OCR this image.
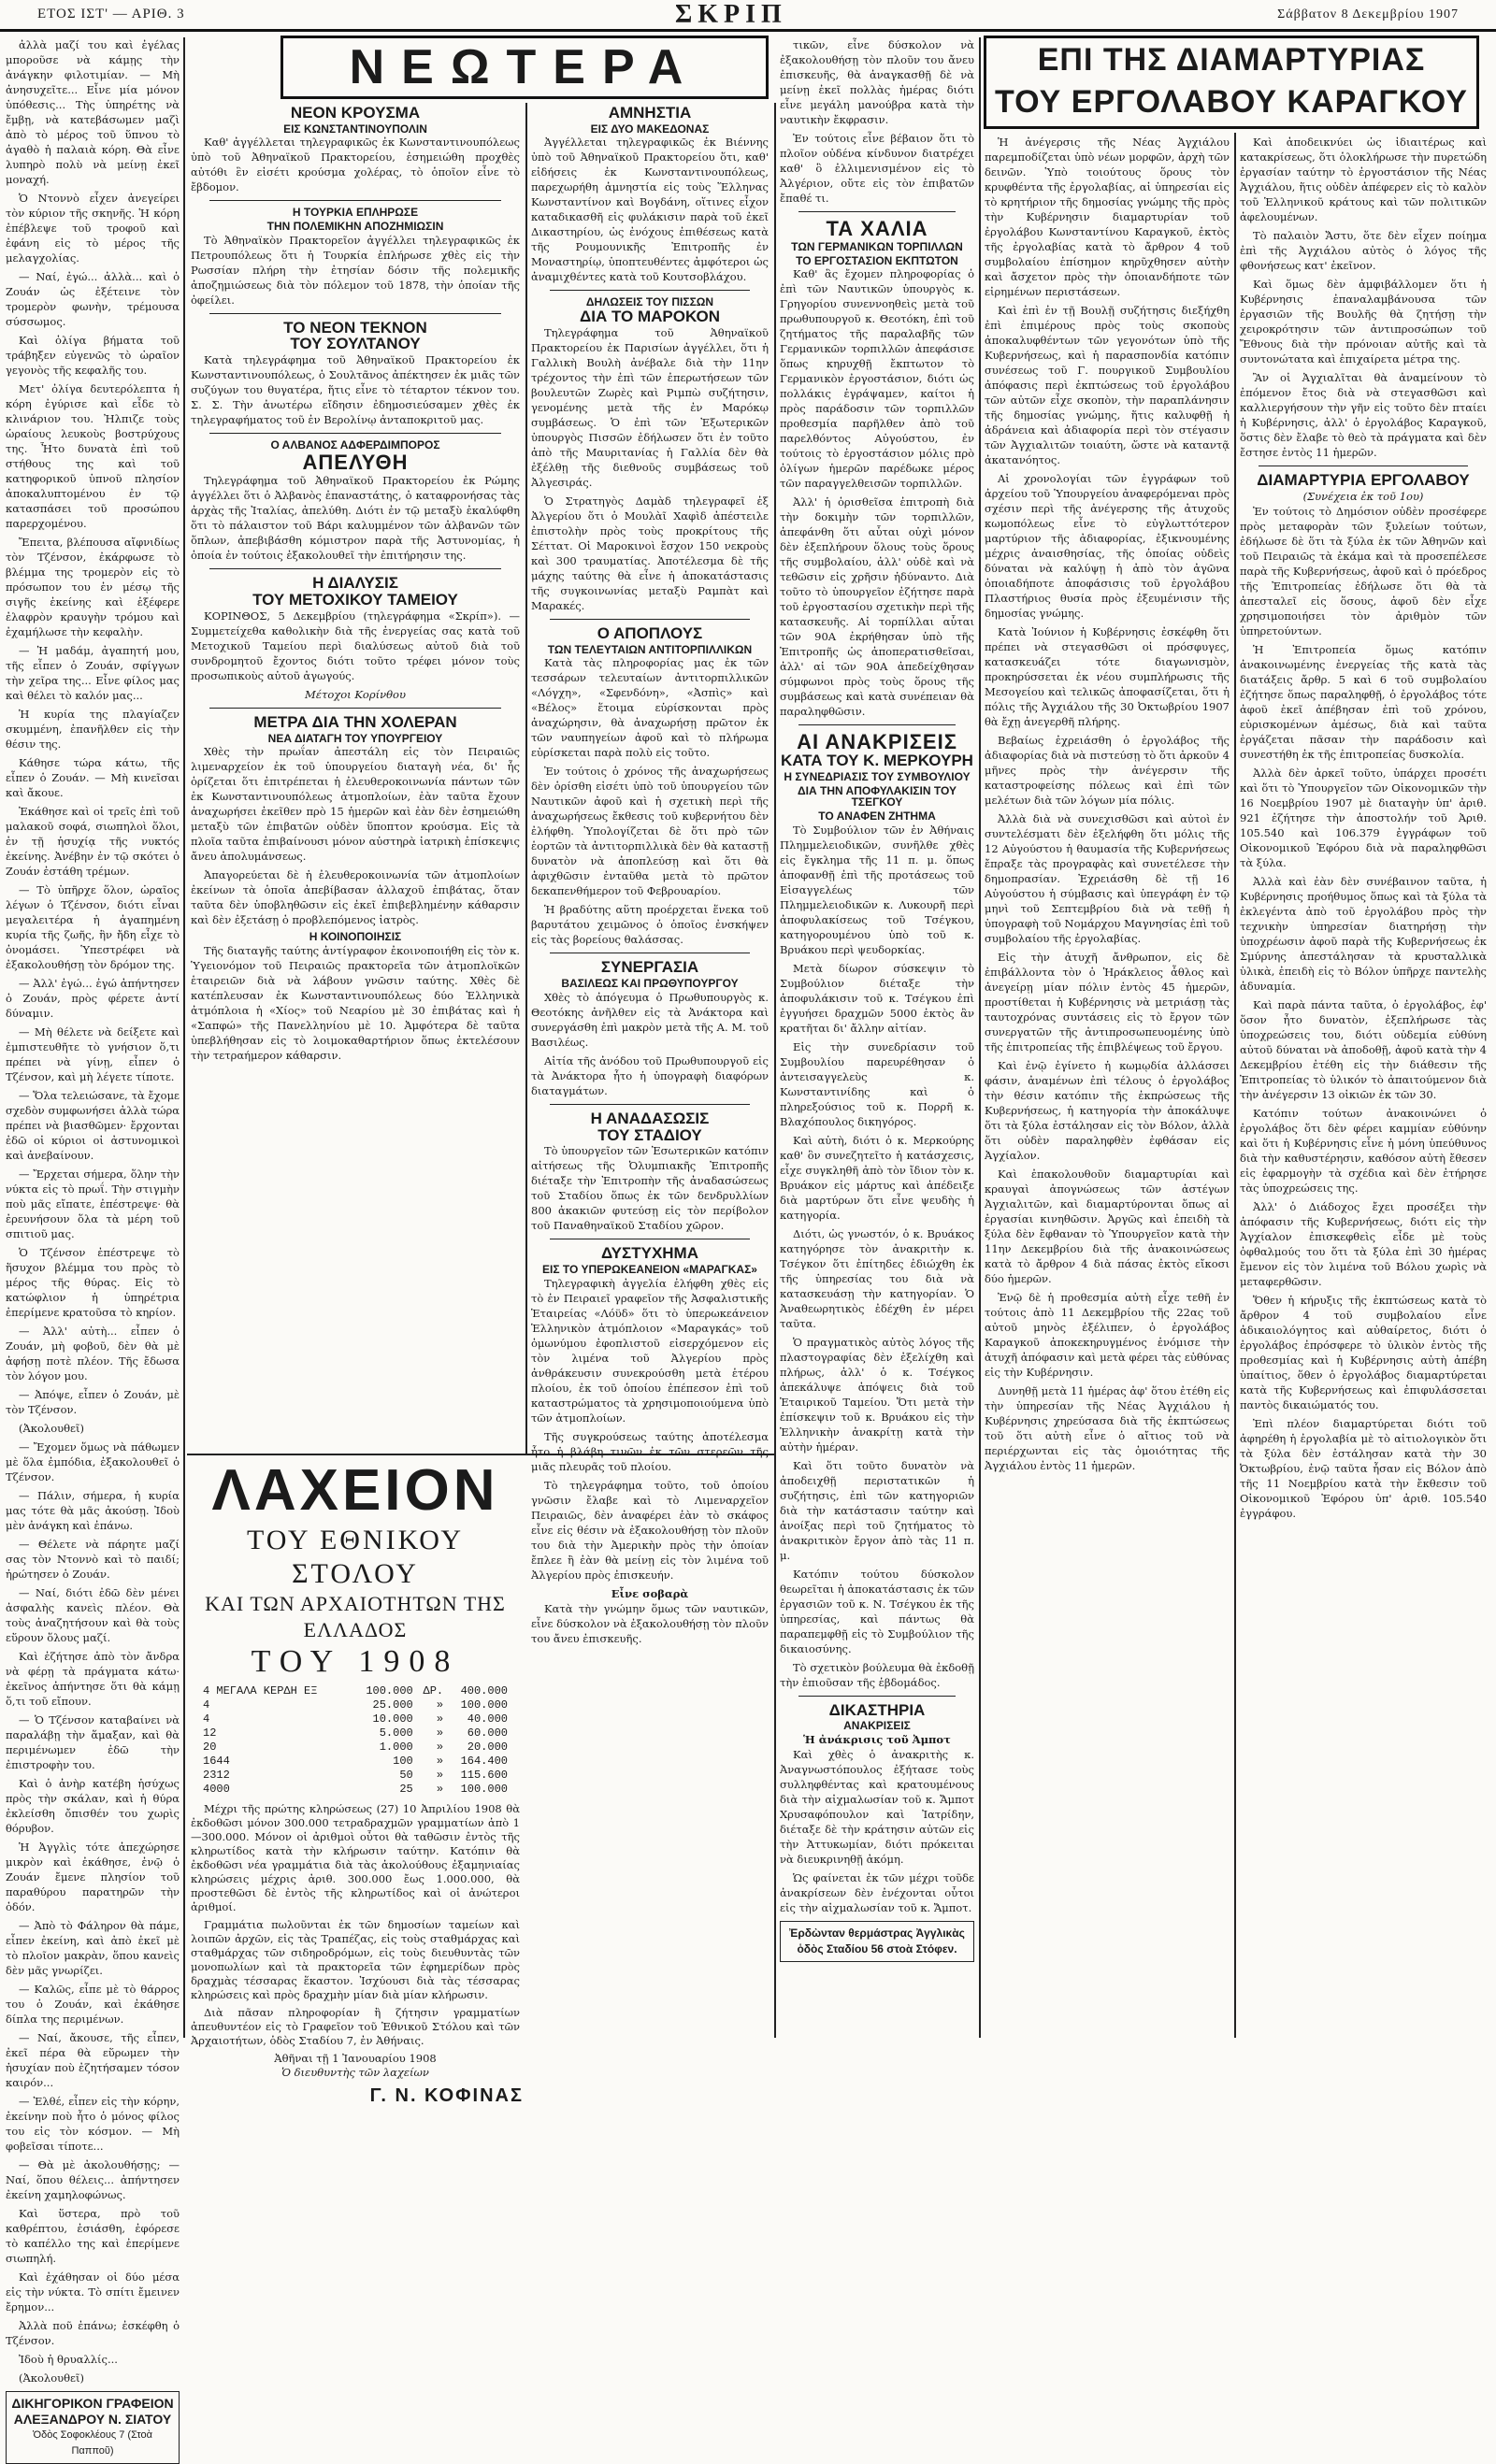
ΕΤΟΣ ΙΣΤ' — ΑΡΙΘ. 3	ΣΚΡΙΠ	Σάββατον 8 Δεκεμβρίου 1907
ΝΕΩΤΕΡΑ	ΕΠΙ ΤΗΣ ΔΙΑΜΑΡΤΥΡΙΑΣ
ΤΟΥ ΕΡΓΟΛΑΒΟΥ ΚΑΡΑΓΚΟΥ

ἀλλὰ μαζί του καὶ ἐγέλας μποροῦσε νὰ κάμῃς τὴν ἀνάγκην φιλοτιμίαν. — Μὴ ἀνησυχεῖτε... Εἶνε μία μόνον ὑπόθεσις... Τὴς ὑπηρέτης νὰ ἔμβῃ, νὰ κατεβάσωμεν μαζὶ ἀπὸ τὸ μέρος τοῦ ὕπνου τὸ ἀγαθὸ ἡ παλαιὰ κόρη. Θὰ εἶνε λυπηρὸ πολὺ νὰ μείνῃ ἐκεῖ μοναχή.

Ὁ Ντοννὸ εἶχεν ἀνεγείρει τὸν κύριον τῆς σκηνῆς. Ἡ κόρη ἐπέβλεψε τοῦ τροφοῦ καὶ ἐφάνη εἰς τὸ μέρος τῆς μελαγχολίας.

— Ναί, ἐγώ... ἀλλὰ... καὶ ὁ Ζουάν ὡς ἐξέτεινε τὸν τρομερὸν φωνὴν, τρέμουσα σύσσωμος.

Καὶ ὁλίγα βήματα τοῦ τράβηξεν εὐγενῶς τὸ ὡραῖον γεγονὸς τῆς κεφαλῆς του.

Μετ' ὀλίγα δευτερόλεπτα ἡ κόρη ἐγύρισε καὶ εἶδε τὸ κλινάριον του. Ἠλπιζε τοὺς ὡραίους λευκοὺς βοστρύχους της. Ἦτο δυνατὰ ἐπὶ τοῦ στήθους της καὶ τοῦ κατηφορικοῦ ὑπνοῦ πλησίον ἀποκαλυπτομένου ἐν τῷ κατασπάσει τοῦ προσώπου παρερχομένου.

Ἔπειτα, βλέπουσα αἴφνιδίως τὸν Τζένσον, ἐκάρφωσε τὸ βλέμμα της τρομερὸν εἰς τὸ πρόσωπον του ἐν μέσῳ τῆς σιγῆς ἐκείνης καὶ ἐξέφερε ἐλαφρὸν κραυγὴν τρόμου καὶ ἐχαμήλωσε τὴν κεφαλὴν.

— Ἡ μαδάμ, ἀγαπητή μου, τῆς εἶπεν ὁ Ζουάν, σφίγγων τὴν χεῖρα της... Εἶνε φίλος μας καὶ θέλει τὸ καλόν μας...

Ἡ κυρία της πλαγίαζεν σκυμμένη, ἐπανῆλθεν εἰς τὴν θέσιν της.

Κάθησε τώρα κάτω, τῆς εἶπεν ὁ Ζουάν. — Μὴ κινεῖσαι καὶ ἄκουε.

Ἐκάθησε καὶ οἱ τρεῖς ἐπὶ τοῦ μαλακοῦ σοφά, σιωπηλοὶ ὅλοι, ἐν τῇ ἡσυχίᾳ τῆς νυκτός ἐκείνης. Ἀνέβην ἐν τῷ σκότει ὁ Ζουάν ἐστάθη τρέμων.

— Τὸ ὑπῆρχε ὅλον, ὠραῖος λέγων ὁ Τζένσον, διότι εἶναι μεγαλειτέρα ἡ ἀγαπημένη κυρία τῆς ζωῆς, ἣν ἤδη εἶχε τὸ ὀνομάσει. Ὑπεστρέφει νὰ ἐξακολουθήσῃ τὸν δρόμον της.

— Ἀλλ' ἐγώ... ἐγώ ἀπήντησεν ὁ Ζουάν, πρὸς φέρετε ἀντί δύναμιν.

— Μὴ θέλετε νὰ δείξετε καὶ ἐμπιστευθῆτε τὸ γνήσιον ὅ,τι πρέπει νὰ γίνῃ, εἶπεν ὁ Τζένσον, καὶ μὴ λέγετε τίποτε.

— Ὅλα τελειώσανε, τὰ ἔχομε σχεδὸν συμφωνήσει ἀλλὰ τώρα πρέπει νὰ βιασθῶμεν· ἔρχονται ἐδῶ οἱ κύριοι οἱ ἀστυνομικοὶ καὶ ἀνεβαίνουν.

— Ἔρχεται σήμερα, ὅλην τὴν νύκτα εἰς τὸ πρωΐ. Τὴν στιγμὴν ποὺ μᾶς εἴπατε, ἐπέστρεψε· θὰ ἐρευνήσουν ὅλα τὰ μέρη τοῦ σπιτιοῦ μας.

Ὁ Τζένσον ἐπέστρεψε τὸ ἥσυχον βλέμμα του πρὸς τὸ μέρος τῆς θύρας. Εἰς τὸ κατώφλιον ἡ ὑπηρέτρια ἐπερίμενε κρατοῦσα τὸ κηρίον.

— Ἀλλ' αὐτὴ... εἶπεν ὁ Ζουάν, μὴ φοβοῦ, δὲν θὰ μὲ ἀφήσῃ ποτὲ πλέον. Τῆς ἔδωσα τὸν λόγον μου.

— Ἀπόψε, εἶπεν ὁ Ζουάν, μὲ τὸν Τζένσον.

(Ἀκολουθεῖ)

— Ἔχομεν ὅμως νὰ πάθωμεν μὲ ὅλα ἐμπόδια, ἐξακολουθεῖ ὁ Τζένσον.

— Πάλιν, σήμερα, ἡ κυρία μας τότε θὰ μᾶς ἀκούσῃ. Ἰδοὺ μὲν ἀνάγκη καὶ ἐπάνω.

— Θέλετε νὰ πάρητε μαζί σας τὸν Ντοννὸ καὶ τὸ παιδί; ἠρώτησεν ὁ Ζουάν.

— Ναί, διότι ἐδῶ δὲν μένει ἀσφαλὴς κανεὶς πλέον. Θὰ τοὺς ἀναζητήσουν καὶ θὰ τοὺς εὕρουν ὅλους μαζί.

Καὶ ἐζήτησε ἀπὸ τὸν ἄνδρα νὰ φέρῃ τὰ πράγματα κάτω· ἐκεῖνος ἀπήντησε ὅτι θὰ κάμῃ ὅ,τι τοῦ εἴπουν.

— Ὁ Τζένσον καταβαίνει νὰ παραλάβῃ τὴν ἅμαξαν, καὶ θὰ περιμένωμεν ἐδῶ τὴν ἐπιστροφὴν του.

Καὶ ὁ ἀνὴρ κατέβη ἡσύχως πρὸς τὴν σκάλαν, καὶ ἡ θύρα ἐκλείσθη ὄπισθέν του χωρὶς θόρυβον.

Ἡ Ἀγγλὶς τότε ἀπεχώρησε μικρὸν καὶ ἐκάθησε, ἐνῷ ὁ Ζουάν ἔμενε πλησίον τοῦ παραθύρου παρατηρῶν τὴν ὁδόν.

— Ἀπὸ τὸ Φάληρον θὰ πάμε, εἶπεν ἐκείνη, καὶ ἀπὸ ἐκεῖ μὲ τὸ πλοῖον μακρὰν, ὅπου κανεὶς δὲν μᾶς γνωρίζει.

— Καλῶς, εἶπε μὲ τὸ θάρρος του ὁ Ζουάν, καὶ ἐκάθησε δίπλα της περιμένων.

— Ναί, ἄκουσε, τῆς εἶπεν, ἐκεῖ πέρα θὰ εὕρωμεν τὴν ἡσυχίαν ποὺ ἐζητήσαμεν τόσον καιρόν...

— Ἐλθέ, εἶπεν εἰς τὴν κόρην, ἐκείνην ποὺ ἦτο ὁ μόνος φίλος του εἰς τὸν κόσμον. — Μὴ φοβεῖσαι τίποτε...

— Θὰ μὲ ἀκολουθήσῃς; — Ναί, ὅπου θέλεις... ἀπήντησεν ἐκείνη χαμηλοφώνως.

Καὶ ὕστερα, πρὸ τοῦ καθρέπτου, ἐσιάσθη, ἐφόρεσε τὸ καπέλλο της καὶ ἐπερίμενε σιωπηλή.

Καὶ ἐχάθησαν οἱ δύο μέσα εἰς τὴν νύκτα. Τὸ σπίτι ἔμεινεν ἔρημον...

Ἀλλὰ ποῦ ἐπάνω; ἐσκέφθη ὁ Τζένσον.

Ἰδοὺ ἡ θρυαλλίς...

(Ἀκολουθεῖ)

ΔΙΚΗΓΟΡΙΚΟΝ ΓΡΑΦΕΙΟΝ
ΑΛΕΞΑΝΔΡΟΥ Ν. ΣΙΑΤΟΥ
Ὁδὸς Σοφοκλέους 7 (Στοὰ Παπποῦ)
ΝΕΟΝ ΚΡΟΥΣΜΑ
ΕΙΣ ΚΩΝΣΤΑΝΤΙΝΟΥΠΟΛΙΝ

Καθ' ἀγγέλλεται τηλεγραφικῶς ἐκ Κωνσταντινουπόλεως ὑπὸ τοῦ Ἀθηναϊκοῦ Πρακτορείου, ἐσημειώθη προχθὲς αὐτόθι ἓν εἰσέτι κρούσμα χολέρας, τὸ ὁποῖον εἶνε τὸ ἔβδομον.

Η ΤΟΥΡΚΙΑ ΕΠΛΗΡΩΣΕ
ΤΗΝ ΠΟΛΕΜΙΚΗΝ ΑΠΟΖΗΜΙΩΣΙΝ

Τὸ Ἀθηναϊκὸν Πρακτορεῖον ἀγγέλλει τηλεγραφικῶς ἐκ Πετρουπόλεως ὅτι ἡ Τουρκία ἐπλήρωσε χθὲς εἰς τὴν Ρωσσίαν πλήρη τὴν ἐτησίαν δόσιν τῆς πολεμικῆς ἀποζημιώσεως διὰ τὸν πόλεμον τοῦ 1878, τὴν ὁποίαν τῆς ὀφείλει.

ΤΟ ΝΕΟΝ ΤΕΚΝΟΝ
ΤΟΥ ΣΟΥΛΤΑΝΟΥ

Κατὰ τηλεγράφημα τοῦ Ἀθηναϊκοῦ Πρακτορείου ἐκ Κωνσταντινουπόλεως, ὁ Σουλτᾶνος ἀπέκτησεν ἐκ μιᾶς τῶν συζύγων του θυγατέρα, ἥτις εἶνε τὸ τέταρτον τέκνον του. Σ. Σ. Τὴν ἀνωτέρω εἴδησιν ἐδημοσιεύσαμεν χθὲς ἐκ τηλεγραφήματος τοῦ ἐν Βερολίνῳ ἀνταποκριτοῦ μας.

Ο ΑΛΒΑΝΟΣ ΑΔΦΕΡΔΙΜΠΟΡΟΣ
ΑΠΕΛΥΘΗ

Τηλεγράφημα τοῦ Ἀθηναϊκοῦ Πρακτορείου ἐκ Ρώμης ἀγγέλλει ὅτι ὁ Ἀλβανὸς ἐπαναστάτης, ὁ καταφρονήσας τὰς ἀρχὰς τῆς Ἰταλίας, ἀπελύθη. Διότι ἐν τῷ μεταξὺ ἐκαλύφθη ὅτι τὸ πάλαιστον τοῦ Βάρι καλυμμένον τῶν ἀλβανῶν τῶν ὅπλων, ἀπεβιβάσθη κόμιστρον παρὰ τῆς Ἀστυνομίας, ἡ ὁποία ἐν τούτοις ἐξακολουθεῖ τὴν ἐπιτήρησιν της.

Η ΔΙΑΛΥΣΙΣ
ΤΟΥ ΜΕΤΟΧΙΚΟΥ ΤΑΜΕΙΟΥ

ΚΟΡΙΝΘΟΣ, 5 Δεκεμβρίου (τηλεγράφημα «Σκρίπ»). — Συμμετείχεθα καθολικὴν διὰ τῆς ἐνεργείας σας κατὰ τοῦ Μετοχικοῦ Ταμείου περὶ διαλύσεως αὐτοῦ διὰ τοῦ συνδρομητοῦ ἔχοντος διότι τοῦτο τρέφει μόνον τοὺς προσωπικοὺς αὐτοῦ ἀγωγούς.

Μέτοχοι Κορίνθου
ΜΕΤΡΑ ΔΙΑ ΤΗΝ ΧΟΛΕΡΑΝ
ΝΕΑ ΔΙΑΤΑΓΗ ΤΟΥ ΥΠΟΥΡΓΕΙΟΥ

Χθὲς τὴν πρωΐαν ἀπεστάλη εἰς τὸν Πειραιῶς λιμεναρχείον ἐκ τοῦ ὑπουργείου διαταγὴ νέα, δι' ἧς ὁρίζεται ὅτι ἐπιτρέπεται ἡ ἐλευθεροκοινωνία πάντων τῶν ἐκ Κωνσταντινουπόλεως ἀτμοπλοίων, ἐὰν ταῦτα ἔχουν ἀναχωρήσει ἐκεῖθεν πρὸ 15 ἡμερῶν καὶ ἐὰν δὲν ἐσημειώθη μεταξὺ τῶν ἐπιβατῶν οὐδὲν ὕποπτον κρούσμα. Εἰς τὰ πλοῖα ταῦτα ἐπιβαίνουσι μόνον αὐστηρὰ ἰατρικὴ ἐπίσκεψις ἄνευ ἀπολυμάνσεως.

Ἀπαγορεύεται δὲ ἡ ἐλευθεροκοινωνία τῶν ἀτμοπλοίων ἐκείνων τὰ ὁποῖα ἀπεβίβασαν ἀλλαχοῦ ἐπιβάτας, ὅταν ταῦτα δὲν ὑποβληθῶσιν εἰς ἐκεῖ ἐπιβεβλημένην κάθαρσιν καὶ δὲν ἐξετάσῃ ὁ προβλεπόμενος ἰατρὸς.

Η ΚΟΙΝΟΠΟΙΗΣΙΣ

Τῆς διαταγῆς ταύτης ἀντίγραφον ἐκοινοποιήθη εἰς τὸν κ. Ὑγειονόμον τοῦ Πειραιῶς πρακτορεῖα τῶν ἀτμοπλοϊκῶν ἑταιρειῶν διὰ νὰ λάβουν γνῶσιν ταύτης. Χθὲς δὲ κατέπλευσαν ἐκ Κωνσταντινουπόλεως δύο Ἑλληνικὰ ἀτμόπλοια ἡ «Χίος» τοῦ Νεαρίου μὲ 30 ἐπιβάτας καὶ ἡ «Σαπφώ» τῆς Πανελληνίου μὲ 10. Ἀμφότερα δὲ ταῦτα ὑπεβλήθησαν εἰς τὸ λοιμοκαθαρτήριον ὅπως ἐκτελέσουν τὴν τετραήμερον κάθαρσιν.

ΑΜΝΗΣΤΙΑ
ΕΙΣ ΔΥΟ ΜΑΚΕΔΟΝΑΣ

Ἀγγέλλεται τηλεγραφικῶς ἐκ Βιέννης ὑπὸ τοῦ Ἀθηναϊκοῦ Πρακτορείου ὅτι, καθ' εἰδήσεις ἐκ Κωνσταντινουπόλεως, παρεχωρήθη ἀμνηστία εἰς τοὺς Ἕλληνας Κωνσταντίνον καὶ Βογδάνη, οἵτινες εἶχον καταδικασθῆ εἰς φυλάκισιν παρὰ τοῦ ἐκεῖ Δικαστηρίου, ὡς ἐνόχους ἐπιθέσεως κατὰ τῆς Ρουμουνικῆς Ἐπιτροπῆς ἐν Μοναστηρίῳ, ὑποπτευθέντες ἀμφότεροι ὡς ἀναμιχθέντες κατὰ τοῦ Κουτσοβλάχου.

ΔΗΛΩΣΕΙΣ ΤΟΥ ΠΙΣΣΩΝ
ΔΙΑ ΤΟ ΜΑΡΟΚΟΝ

Τηλεγράφημα τοῦ Ἀθηναϊκοῦ Πρακτορείου ἐκ Παρισίων ἀγγέλλει, ὅτι ἡ Γαλλικὴ Βουλὴ ἀνέβαλε διὰ τὴν 11ην τρέχοντος τὴν ἐπὶ τῶν ἐπερωτήσεων τῶν βουλευτῶν Ζωρὲς καὶ Ριμπὼ συζήτησιν, γενομένης μετὰ τῆς ἐν Μαρόκῳ συμβάσεως. Ὁ ἐπὶ τῶν Ἐξωτερικῶν ὑπουργὸς Πισσῶν ἐδήλωσεν ὅτι ἐν τοῦτο ἀπὸ τῆς Μαυριτανίας ἡ Γαλλία δὲν θὰ ἐξέλθῃ τῆς διεθνοῦς συμβάσεως τοῦ Ἀλγεσιράς.

Ὁ Στρατηγὸς Δαμὰδ τηλεγραφεῖ ἐξ Ἀλγερίου ὅτι ὁ Μουλὰῖ Χαφὶδ ἀπέστειλε ἐπιστολὴν πρὸς τοὺς προκρίτους τῆς Σέττατ. Οἱ Μαροκινοὶ ἔσχον 150 νεκροὺς καὶ 300 τραυματίας. Ἀποτέλεσμα δὲ τῆς μάχης ταύτης θὰ εἶνε ἡ ἀποκατάστασις τῆς συγκοινωνίας μεταξὺ Ραμπὰτ καὶ Μαρακές.

Ο ΑΠΟΠΛΟΥΣ
ΤΩΝ ΤΕΛΕΥΤΑΙΩΝ ΑΝΤΙΤΟΡΠΙΛΛΙΚΩΝ

Κατὰ τὰς πληροφορίας μας ἐκ τῶν τεσσάρων τελευταίων ἀντιτορπιλλικῶν «Λόγχη», «Σφενδόνη», «Ἀσπὶς» καὶ «Βέλος» ἕτοιμα εὑρίσκονται πρὸς ἀναχώρησιν, θὰ ἀναχωρήσῃ πρῶτον ἐκ τῶν ναυπηγείων ἀφοῦ καὶ τὸ πλήρωμα εὑρίσκεται παρὰ πολὺ εἰς τοῦτο.

Ἐν τούτοις ὁ χρόνος τῆς ἀναχωρήσεως δὲν ὁρίσθη εἰσέτι ὑπὸ τοῦ ὑπουργείου τῶν Ναυτικῶν ἀφοῦ καὶ ἡ σχετικὴ περὶ τῆς ἀναχωρήσεως ἔκθεσις τοῦ κυβερνήτου δὲν ἐλήφθη. Ὑπολογίζεται δὲ ὅτι πρὸ τῶν ἑορτῶν τὰ ἀντιτορπιλλικὰ δὲν θὰ καταστῇ δυνατὸν νὰ ἀποπλεύσῃ καὶ ὅτι θὰ ἀφιχθῶσιν ἐνταῦθα μετὰ τὸ πρῶτον δεκαπενθήμερον τοῦ Φεβρουαρίου.

Ἡ βραδύτης αὕτη προέρχεται ἕνεκα τοῦ βαρυτάτου χειμῶνος ὁ ὁποῖος ἐνσκήψεν εἰς τὰς βορείους θαλάσσας.

ΣΥΝΕΡΓΑΣΙΑ
ΒΑΣΙΛΕΩΣ ΚΑΙ ΠΡΩΘΥΠΟΥΡΓΟΥ

Χθὲς τὸ ἀπόγευμα ὁ Πρωθυπουργὸς κ. Θεοτόκης ἀνῆλθεν εἰς τὰ Ἀνάκτορα καὶ συνεργάσθη ἐπὶ μακρὸν μετὰ τῆς Α. Μ. τοῦ Βασιλέως.

Αἰτία τῆς ἀνόδου τοῦ Πρωθυπουργοῦ εἰς τὰ Ἀνάκτορα ἦτο ἡ ὑπογραφὴ διαφόρων διαταγμάτων.

Η ΑΝΑΔΑΣΩΣΙΣ
ΤΟΥ ΣΤΑΔΙΟΥ

Τὸ ὑπουργεῖον τῶν Ἐσωτερικῶν κατόπιν αἰτήσεως τῆς Ὀλυμπιακῆς Ἐπιτροπῆς διέταξε τὴν Ἐπιτροπὴν τῆς ἀναδασώσεως τοῦ Σταδίου ὅπως ἐκ τῶν δενδρυλλίων 800 ἀκακιῶν φυτεύσῃ εἰς τὸν περίβολον τοῦ Παναθηναϊκοῦ Σταδίου χῶρον.

ΔΥΣΤΥΧΗΜΑ
ΕΙΣ ΤΟ ΥΠΕΡΩΚΕΑΝΕΙΟΝ «ΜΑΡΑΓΚΑΣ»

Τηλεγραφικὴ ἀγγελία ἐλήφθη χθὲς εἰς τὸ ἐν Πειραιεῖ γραφεῖον τῆς Ἀσφαλιστικῆς Ἑταιρείας «Λόϋδ» ὅτι τὸ ὑπερωκεάνειον Ἑλληνικὸν ἀτμόπλοιον «Μαραγκάς» τοῦ ὁμωνύμου ἐφοπλιστοῦ εἰσερχόμενον εἰς τὸν λιμένα τοῦ Ἀλγερίου πρὸς ἀνθράκευσιν συνεκρούσθη μετὰ ἑτέρου πλοίου, ἐκ τοῦ ὁποίου ἐπέπεσον ἐπὶ τοῦ καταστρώματος τὰ χρησιμοποιούμενα ὑπὸ τῶν ἀτμοπλοίων.

Τῆς συγκρούσεως ταύτης ἀποτέλεσμα ἦτο ἡ βλάβη τινῶν ἐκ τῶν στερεῶν τῆς μιᾶς πλευρᾶς τοῦ πλοίου.

Τὸ τηλεγράφημα τοῦτο, τοῦ ὁποίου γνῶσιν ἔλαβε καὶ τὸ Λιμεναρχεῖον Πειραιῶς, δὲν ἀναφέρει ἐὰν τὸ σκάφος εἶνε εἰς θέσιν νὰ ἐξακολουθήσῃ τὸν πλοῦν του διὰ τὴν Ἀμερικὴν πρὸς τὴν ὁποίαν ἔπλεε ἢ ἐὰν θὰ μείνῃ εἰς τὸν λιμένα τοῦ Ἀλγερίου πρὸς ἐπισκευήν.

Εἶνε σοβαρὰ

Κατὰ τὴν γνώμην ὅμως τῶν ναυτικῶν, εἶνε δύσκολον νὰ ἐξακολουθήσῃ τὸν πλοῦν του ἄνευ ἐπισκευῆς.

τικῶν, εἶνε δύσκολον νὰ ἐξακολουθήσῃ τὸν πλοῦν του ἄνευ ἐπισκευῆς, θὰ ἀναγκασθῇ δὲ νὰ μείνῃ ἐκεῖ πολλὰς ἡμέρας διότι εἶνε μεγάλη μανούβρα κατὰ τὴν ναυτικὴν ἔκφρασιν.

Ἐν τούτοις εἶνε βέβαιον ὅτι τὸ πλοῖον οὐδένα κίνδυνον διατρέχει καθ' ὃ ἐλλιμενισμένον εἰς τὸ Ἀλγέριον, οὔτε εἰς τὸν ἐπιβατῶν ἔπαθέ τι.

ΤΑ ΧΑΛΙΑ
ΤΩΝ ΓΕΡΜΑΝΙΚΩΝ ΤΟΡΠΙΛΛΩΝ
ΤΟ ΕΡΓΟΣΤΑΣΙΟΝ ΕΚΠΤΩΤΟΝ

Καθ' ἃς ἔχομεν πληροφορίας ὁ ἐπὶ τῶν Ναυτικῶν ὑπουργὸς κ. Γρηγορίου συνεννοηθεὶς μετὰ τοῦ πρωθυπουργοῦ κ. Θεοτόκη, ἐπὶ τοῦ ζητήματος τῆς παραλαβῆς τῶν Γερμανικῶν τορπιλλῶν ἀπεφάσισε ὅπως κηρυχθῇ ἔκπτωτον τὸ Γερμανικὸν ἐργοστάσιον, διότι ὡς πολλάκις ἐγράψαμεν, καίτοι ἡ πρὸς παράδοσιν τῶν τορπιλλῶν προθεσμία παρῆλθεν ἀπὸ τοῦ παρελθόντος Αὐγούστου, ἐν τούτοις τὸ ἐργοστάσιον μόλις πρὸ ὀλίγων ἡμερῶν παρέδωκε μέρος τῶν παραγγελθεισῶν τορπιλλῶν.

Ἀλλ' ἡ ὁρισθεῖσα ἐπιτροπὴ διὰ τὴν δοκιμὴν τῶν τορπιλλῶν, ἀπεφάνθη ὅτι αὗται οὐχὶ μόνον δὲν ἐξεπλήρουν ὅλους τοὺς ὅρους τῆς συμβολαίου, ἀλλ' οὐδὲ καὶ νὰ τεθῶσιν εἰς χρῆσιν ἠδύναντο. Διὰ τοῦτο τὸ ὑπουργεῖον ἐζήτησε παρὰ τοῦ ἐργοστασίου σχετικὴν περὶ τῆς κατασκευῆς. Αἱ τορπίλλαι αὗται τῶν 90Α ἐκρήθησαν ὑπὸ τῆς Ἐπιτροπῆς ὡς ἀποπερατισθεῖσαι, ἀλλ' αἱ τῶν 90Α ἀπεδείχθησαν σύμφωνοι πρὸς τοὺς ὅρους τῆς συμβάσεως καὶ κατὰ συνέπειαν θὰ παραληφθῶσιν.

ΑΙ ΑΝΑΚΡΙΣΕΙΣ
ΚΑΤΑ ΤΟΥ Κ. ΜΕΡΚΟΥΡΗ
Η ΣΥΝΕΔΡΙΑΣΙΣ ΤΟΥ ΣΥΜΒΟΥΛΙΟΥ
ΔΙΑ ΤΗΝ ΑΠΟΦΥΛΑΚΙΣΙΝ ΤΟΥ ΤΣΕΓΚΟΥ
ΤΟ ΑΝΑΦΕΝ ΖΗΤΗΜΑ

Τὸ Συμβούλιον τῶν ἐν Ἀθήναις Πλημμελειοδικῶν, συνῆλθε χθὲς εἰς ἔγκλημα τῆς 11 π. μ. ὅπως ἀποφανθῇ ἐπὶ τῆς προτάσεως τοῦ Εἰσαγγελέως τῶν Πλημμελειοδικῶν κ. Λυκουρῆ περὶ ἀποφυλακίσεως τοῦ Τσέγκου, κατηγορουμένου ὑπὸ τοῦ κ. Βρυάκου περὶ ψευδορκίας.

Μετὰ δίωρον σύσκεψιν τὸ Συμβούλιον διέταξε τὴν ἀποφυλάκισιν τοῦ κ. Τσέγκου ἐπὶ ἐγγυήσει δραχμῶν 5000 ἐκτὸς ἂν κρατῆται δι' ἄλλην αἰτίαν.

Εἰς τὴν συνεδρίασιν τοῦ Συμβουλίου παρευρέθησαν ὁ ἀντεισαγγελεὺς κ. Κωνσταντινίδης καὶ ὁ πληρεξούσιος τοῦ κ. Πορρῆ κ. Βλαχόπουλος δικηγόρος.

Καὶ αὐτὴ, διότι ὁ κ. Μερκούρης καθ' ὃν συνεζητεῖτο ἡ κατάσχεσις, εἶχε συγκληθῆ ἀπὸ τὸν ἴδιον τὸν κ. Βρυάκον εἰς μάρτυς καὶ ἀπέδειξε διὰ μαρτύρων ὅτι εἶνε ψευδὴς ἡ κατηγορία.

Διότι, ὡς γνωστόν, ὁ κ. Βρυάκος κατηγόρησε τὸν ἀνακριτὴν κ. Τσέγκον ὅτι ἐπίτηδες ἐδιώχθη ἐκ τῆς ὑπηρεσίας του διὰ νὰ κατασκευάσῃ τὴν κατηγορίαν. Ὁ Ἀναθεωρητικὸς ἐδέχθη ἐν μέρει ταῦτα.

Ὁ πραγματικὸς αὐτὸς λόγος τῆς πλαστογραφίας δὲν ἐξελίχθη καὶ πλήρως, ἀλλ' ὁ κ. Τσέγκος ἀπεκάλυψε ἀπόψεις διὰ τοῦ Ἑταιρικοῦ Ταμείου. Ὅτι μετὰ τὴν ἐπίσκεψιν τοῦ κ. Βρυάκου εἰς τὴν Ἑλληνικὴν ἀνακρίτῃ κατὰ τὴν αὐτὴν ἡμέραν.

Καὶ ὅτι τοῦτο δυνατὸν νὰ ἀποδειχθῇ περιστατικῶν ἡ συζήτησις, ἐπὶ τῶν κατηγοριῶν διὰ τὴν κατάστασιν ταύτην καὶ ἀνοίξας περὶ τοῦ ζητήματος τὸ ἀνακριτικὸν ἔργον ἀπὸ τὰς 11 π. μ.

Κατόπιν τούτου δύσκολον θεωρεῖται ἡ ἀποκατάστασις ἐκ τῶν ἐργασιῶν τοῦ κ. Ν. Τσέγκου ἐκ τῆς ὑπηρεσίας, καὶ πάντως θὰ παραπεμφθῇ εἰς τὸ Συμβούλιον τῆς δικαιοσύνης.

Τὸ σχετικὸν βούλευμα θὰ ἐκδοθῇ τὴν ἐπιοῦσαν τῆς ἑβδομάδος.

ΔΙΚΑΣΤΗΡΙΑ
ΑΝΑΚΡΙΣΕΙΣ
Ἡ ἀνάκρισις τοῦ Ἀμποτ

Καὶ χθὲς ὁ ἀνακριτὴς κ. Ἀναγνωστόπουλος ἐξήτασε τοὺς συλληφθέντας καὶ κρατουμένους διὰ τὴν αἰχμαλωσίαν τοῦ κ. Ἄμποτ Χρυσαφόπουλον καὶ Ἰατρίδην, διέταξε δὲ τὴν κράτησιν αὐτῶν εἰς τὴν Ἀττυκωμίαν, διότι πρόκειται νὰ διευκρινηθῇ ἀκόμη.

Ὡς φαίνεται ἐκ τῶν μέχρι τοῦδε ἀνακρίσεων δὲν ἐνέχονται οὗτοι εἰς τὴν αἰχμαλωσίαν τοῦ κ. Ἄμποτ.

Ἐρδὼνταν θερμάστρας Ἀγγλικὰς ὁδὸς Σταδίου 56 στοὰ Στόφεν.

Ἡ ἀνέγερσις τῆς Νέας Ἀγχιάλου παρεμποδίζεται ὑπὸ νέων μορφῶν, ἀρχὴ τῶν δεινῶν. Ὑπὸ τοιούτους ὅρους τὸν κρυφθέντα τῆς ἐργολαβίας, αἱ ὑπηρεσίαι εἰς τὸ κρητήριον τῆς δημοσίας γνώμης τῆς πρὸς τὴν Κυβέρνησιν διαμαρτυρίαν τοῦ ἐργολάβου Κωνσταντίνου Καραγκοῦ, ἐκτὸς τῆς ἐργολαβίας κατὰ τὸ ἄρθρον 4 τοῦ συμβολαίου ἐπίσημον κηρῦχθησεν αὐτὴν καὶ ἄσχετον πρὸς τὴν ὁποιανδήποτε τῶν εἰρημένων περιστάσεων.

Καὶ ἐπὶ ἐν τῇ Βουλῇ συζήτησις διεξήχθη ἐπὶ ἐπιμέρους πρὸς τοὺς σκοποὺς ἀποκαλυφθέντων τῶν γεγονότων ὑπὸ τῆς Κυβερνήσεως, καὶ ἡ παρασπονδία κατόπιν συνέσεως τοῦ Γ. πουργικοῦ Συμβουλίου ἀπόφασις περὶ ἐκπτώσεως τοῦ ἐργολάβου τῶν αὐτῶν εἶχε σκοπὸν, τὴν παραπλάνησιν τῆς δημοσίας γνώμης, ἥτις καλυφθῇ ἡ ἀδράνεια καὶ ἀδιαφορία περὶ τὸν στέγασιν τῶν Ἀγχιαλιτῶν τοιαύτη, ὥστε νὰ καταντᾷ ἀκατανόητος.

Αἱ χρονολογίαι τῶν ἐγγράφων τοῦ ἀρχείου τοῦ Ὑπουργείου ἀναφερόμεναι πρὸς σχέσιν περὶ τῆς ἀνέγερσης τῆς ἀτυχοῦς κωμοπόλεως εἶνε τὸ εὐγλωττότερον μαρτύριον τῆς ἀδιαφορίας, ἐξικνουμένης μέχρις ἀναισθησίας, τῆς ὁποίας οὐδεὶς δύναται νὰ καλύψῃ ἡ ἀπὸ τὸν ἀγῶνα ὁποιαδήποτε ἀποφάσισις τοῦ ἐργολάβου Πλαστήριος θυσία πρὸς ἐξευμένισιν τῆς δημοσίας γνώμης.

Κατὰ Ἰούνιον ἡ Κυβέρνησις ἐσκέφθη ὅτι πρέπει νὰ στεγασθῶσι οἱ πρόσφυγες, κατασκευάζει τότε διαγωνισμὸν, προκηρύσσεται ἐκ νέου συμπλήρωσις τῆς Μεσογείου καὶ τελικῶς ἀποφασίζεται, ὅτι ἡ πόλις τῆς Ἀγχιάλου τῆς 30 Ὀκτωβρίου 1907 θὰ ἔχῃ ἀνεγερθῆ πλήρης.

Βεβαίως ἐχρειάσθη ὁ ἐργολάβος τῆς ἀδιαφορίας διὰ νὰ πιστεύσῃ τὸ ὅτι ἀρκοῦν 4 μῆνες πρὸς τὴν ἀνέγερσιν τῆς καταστροφείσης πόλεως καὶ ἐπὶ τῶν μελέτων διὰ τῶν λόγων μία πόλις.

Ἀλλὰ διὰ νὰ συνεχισθῶσι καὶ αὐτοὶ ἐν συντελέσματι δὲν ἐξελήφθη ὅτι μόλις τῆς 12 Αὐγούστου ἡ θαυμασία τῆς Κυβερνήσεως ἔπραξε τὰς προγραφὰς καὶ συνετέλεσε τὴν δημοπρασίαν. Ἐχρειάσθη δὲ τῇ 16 Αὐγούστου ἡ σύμβασις καὶ ὑπεγράφη ἐν τῷ μηνὶ τοῦ Σεπτεμβρίου διὰ νὰ τεθῇ ἡ ὑπογραφὴ τοῦ Νομάρχου Μαγνησίας ἐπὶ τοῦ συμβολαίου τῆς ἐργολαβίας.

Εἰς τὴν ἀτυχῆ ἄνθρωπον, εἰς δὲ ἐπιβάλλοντα τὸν ὁ Ἡράκλειος ἆθλος καὶ ἀνεγείρῃ μίαν πόλιν ἐντὸς 45 ἡμερῶν, προστίθεται ἡ Κυβέρνησις νὰ μετριάσῃ τὰς ταυτοχρόνας συντάσεις εἰς τὸ ἔργον τῶν συνεργατῶν τῆς ἀντιπροσωπευομένης ὑπὸ τῆς ἐπιτροπείας τῆς ἐπιβλέψεως τοῦ ἔργου.

Καὶ ἐνῷ ἐγίνετο ἡ κωμῳδία ἀλλάσσει φάσιν, ἀναμένων ἐπὶ τέλους ὁ ἐργολάβος τὴν θέσιν κατόπιν τῆς ἐκπρώσεως τῆς Κυβερνήσεως, ἡ κατηγορία τὴν ἀποκάλυψε ὅτι τὰ ξύλα ἐστάλησαν εἰς τὸν Βόλον, ἀλλὰ ὅτι οὐδὲν παραληφθὲν ἐφθάσαν εἰς Ἀγχίαλον.

Καὶ ἐπακολουθοῦν διαμαρτυρίαι καὶ κραυγαὶ ἀπογνώσεως τῶν ἀστέγων Ἀγχιαλιτῶν, καὶ διαμαρτύρονται ὅπως αἱ ἐργασίαι κινηθῶσιν. Ἀργῶς καὶ ἐπειδὴ τὰ ξύλα δὲν ἔφθαναν τὸ Ὑπουργεῖον κατὰ τὴν 11ην Δεκεμβρίου διὰ τῆς ἀνακοινώσεως κατὰ τὸ ἄρθρον 4 διὰ πάσας ἐκτὸς εἴκοσι δύο ἡμερῶν.

Ἐνῷ δὲ ἡ προθεσμία αὐτὴ εἶχε τεθῆ ἐν τούτοις ἀπὸ 11 Δεκεμβρίου τῆς 22ας τοῦ αὐτοῦ μηνὸς ἐξέλιπεν, ὁ ἐργολάβος Καραγκοῦ ἀποκεκηρυγμένος ἐνόμισε τὴν ἀτυχῆ ἀπόφασιν καὶ μετὰ φέρει τὰς εὐθύνας εἰς τὴν Κυβέρνησιν.

Δυνηθῇ μετὰ 11 ἡμέρας ἀφ' ὅτου ἐτέθη εἰς τὴν ὑπηρεσίαν τῆς Νέας Ἀγχιάλου ἡ Κυβέρνησις χηρεύσασα διὰ τῆς ἐκπτώσεως τοῦ ὅτι αὐτὴ εἶνε ὁ αἴτιος τοῦ νὰ περιέρχωνται εἰς τὰς ὁμοιότητας τῆς Ἀγχιάλου ἐντὸς 11 ἡμερῶν.

Καὶ ἀποδεικνύει ὡς ἰδιαιτέρως καὶ κατακρίσεως, ὅτι ὁλοκλήρωσε τὴν πυρετώδη ἐργασίαν ταύτην τὸ ἐργοστάσιον τῆς Νέας Ἀγχιάλου, ἥτις οὐδὲν ἀπέφερεν εἰς τὸ καλὸν τοῦ Ἑλληνικοῦ κράτους καὶ τῶν πολιτικῶν ἀφελουμένων.

Τὸ παλαιὸν Ἄστυ, ὅτε δὲν εἶχεν ποίημα ἐπὶ τῆς Ἀγχιάλου αὐτὸς ὁ λόγος τῆς φθονήσεως κατ' ἐκεῖνον.

Καὶ ὅμως δὲν ἀμφιβάλλομεν ὅτι ἡ Κυβέρνησις ἐπαναλαμβάνουσα τῶν ἐργασιῶν τῆς Βουλῆς θὰ ζητήσῃ τὴν χειροκρότησιν τῶν ἀντιπροσώπων τοῦ Ἔθνους διὰ τὴν πρόνοιαν αὐτῆς καὶ τὰ συντονώτατα καὶ ἐπιχαίρετα μέτρα της.

Ἂν οἱ Ἀγχιαλῖται θὰ ἀναμείνουν τὸ ἐπόμενον ἔτος διὰ νὰ στεγασθῶσι καὶ καλλιεργήσουν τὴν γῆν εἰς τοῦτο δὲν πταίει ἡ Κυβέρνησις, ἀλλ' ὁ ἐργολάβος Καραγκοῦ, ὅστις δὲν ἔλαβε τὸ θεὸ τὰ πράγματα καὶ δὲν ἔστησε ἐντὸς 11 ἡμερῶν.

ΔΙΑΜΑΡΤΥΡΙΑ ΕΡΓΟΛΑΒΟΥ
(Συνέχεια ἐκ τοῦ 1ου)

Ἐν τούτοις τὸ Δημόσιον οὐδὲν προσέφερε πρὸς μεταφορὰν τῶν ξυλείων τούτων, ἐδήλωσε δὲ ὅτι τὰ ξύλα ἐκ τῶν Ἀθηνῶν καὶ τοῦ Πειραιῶς τὰ ἐκάμα καὶ τὰ προσεπέλεσε παρὰ τῆς Κυβερνήσεως, ἀφοῦ καὶ ὁ πρόεδρος τῆς Ἐπιτροπείας ἐδήλωσε ὅτι θὰ τὰ ἀπεσταλεῖ εἰς ὅσους, ἀφοῦ δὲν εἶχε χρησιμοποιήσει τὸν ἀριθμὸν τῶν ὑπηρετούντων.

Ἡ Ἐπιτροπεία ὅμως κατόπιν ἀνακοινωμένης ἐνεργείας τῆς κατὰ τὰς διατάξεις ἄρθρ. 5 καὶ 6 τοῦ συμβολαίου ἐζήτησε ὅπως παραληφθῇ, ὁ ἐργολάβος τότε ἀφοῦ ἐκεῖ ἀπέβησαν ἐπὶ τοῦ χρόνου, εὑρισκομένων ἀμέσως, διὰ καὶ ταῦτα ἐργάζεται πᾶσαν τὴν παράδοσιν καὶ συνεστήθη ἐκ τῆς ἐπιτροπείας δυσκολία.

Ἀλλὰ δὲν ἀρκεῖ τοῦτο, ὑπάρχει προσέτι καὶ ὅτι τὸ Ὑπουργεῖον τῶν Οἰκονομικῶν τὴν 16 Νοεμβρίου 1907 μὲ διαταγὴν ὑπ' ἀριθ. 921 ἐζήτησε τὴν ἀποστολήν τοῦ Ἀριθ. 105.540 καὶ 106.379 ἐγγράφων τοῦ Οἰκονομικοῦ Ἐφόρου διὰ νὰ παραληφθῶσι τὰ ξύλα.

Ἀλλὰ καὶ ἐὰν δὲν συνέβαινον ταῦτα, ἡ Κυβέρνησις προήθυμος ὅπως καὶ τὰ ξύλα τὰ ἐκλεγέντα ἀπὸ τοῦ ἐργολάβου πρὸς τὴν τεχνικὴν ὑπηρεσίαν διατηρήσῃ τὴν ὑποχρέωσιν ἀφοῦ παρὰ τῆς Κυβερνήσεως ἐκ Σμύρνης ἀπεστάλησαν τὰ κρυσταλλικὰ ὑλικὰ, ἐπειδὴ εἰς τὸ Βόλον ὑπῆρχε παντελὴς ἀδυναμία.

Καὶ παρὰ πάντα ταῦτα, ὁ ἐργολάβος, ἐφ' ὅσον ἦτο δυνατὸν, ἐξεπλήρωσε τὰς ὑποχρεώσεις του, διότι οὐδεμία εὐθύνη αὐτοῦ δύναται νὰ ἀποδοθῇ, ἀφοῦ κατὰ τὴν 4 Δεκεμβρίου ἐτέθη εἰς τὴν διάθεσιν τῆς Ἐπιτροπείας τὸ ὑλικόν τὸ ἀπαιτούμενον διὰ τὴν ἀνέγερσιν 13 οἰκιῶν ἐκ τῶν 30.

Κατόπιν τούτων ἀνακοινώνει ὁ ἐργολάβος ὅτι δὲν φέρει καμμίαν εὐθύνην καὶ ὅτι ἡ Κυβέρνησις εἶνε ἡ μόνη ὑπεύθυνος διὰ τὴν καθυστέρησιν, καθόσον αὐτὴ ἔθεσεν εἰς ἐφαρμογὴν τὰ σχέδια καὶ δὲν ἐτήρησε τὰς ὑποχρεώσεις της.

Ἀλλ' ὁ Διάδοχος ἔχει προσέξει τὴν ἀπόφασιν τῆς Κυβερνήσεως, διότι εἰς τὴν Ἀγχίαλον ἐπισκεφθεὶς εἶδε μὲ τοὺς ὀφθαλμούς του ὅτι τὰ ξύλα ἐπὶ 30 ἡμέρας ἔμενον εἰς τὸν λιμένα τοῦ Βόλου χωρὶς νὰ μεταφερθῶσιν.

Ὅθεν ἡ κήρυξις τῆς ἐκπτώσεως κατὰ τὸ ἄρθρον 4 τοῦ συμβολαίου εἶνε ἀδικαιολόγητος καὶ αὐθαίρετος, διότι ὁ ἐργολάβος ἐπρόσφερε τὸ ὑλικὸν ἐντὸς τῆς προθεσμίας καὶ ἡ Κυβέρνησις αὐτὴ ἀπέβη ὑπαίτιος, ὅθεν ὁ ἐργολάβος διαμαρτύρεται κατὰ τῆς Κυβερνήσεως καὶ ἐπιφυλάσσεται παντὸς δικαιώματός του.

Ἐπὶ πλέον διαμαρτύρεται διότι τοῦ ἀφηρέθη ἡ ἐργολαβία μὲ τὸ αἰτιολογικὸν ὅτι τὰ ξύλα δὲν ἐστάλησαν κατὰ τὴν 30 Ὀκτωβρίου, ἐνῷ ταῦτα ἦσαν εἰς Βόλον ἀπὸ τῆς 11 Νοεμβρίου κατὰ τὴν ἔκθεσιν τοῦ Οἰκονομικοῦ Ἐφόρου ὑπ' ἀριθ. 105.540 ἐγγράφου.

ΛΑΧΕΙΟΝ
ΤΟΥ ΕΘΝΙΚΟΥ ΣΤΟΛΟΥ
ΚΑΙ ΤΩΝ ΑΡΧΑΙΟΤΗΤΩΝ ΤΗΣ ΕΛΛΑΔΟΣ
ΤΟΥ 1908
4 ΜΕΓΑΛΑ ΚΕΡΔΗ ΕΞ	100.000	ΔΡ.	400.000
4	25.000	»	100.000
4	10.000	»	40.000
12	5.000	»	60.000
20	1.000	»	20.000
1644	100	»	164.400
2312	50	»	115.600
4000	25	»	100.000

Μέχρι τῆς πρώτης κληρώσεως (27) 10 Ἀπριλίου 1908 θὰ ἐκδοθῶσι μόνον 300.000 τετραδραχμῶν γραμματίων ἀπὸ 1—300.000. Μόνον οἱ ἀριθμοὶ οὗτοι θὰ ταθῶσιν ἐντὸς τῆς κληρωτίδος κατὰ τὴν κλήρωσιν ταύτην. Κατόπιν θὰ ἐκδοθῶσι νέα γραμμάτια διὰ τὰς ἀκολούθους ἐξαμηνιαίας κληρώσεις μέχρις ἀριθ. 300.000 ἔως 1.000.000, θὰ προστεθῶσι δὲ ἐντὸς τῆς κληρωτίδος καὶ οἱ ἀνώτεροι ἀριθμοί.

Γραμμάτια πωλοῦνται ἐκ τῶν δημοσίων ταμείων καὶ λοιπῶν ἀρχῶν, εἰς τὰς Τραπέζας, εἰς τοὺς σταθμάρχας καὶ σταθμάρχας τῶν σιδηροδρόμων, εἰς τοὺς διευθυντὰς τῶν μονοπωλίων καὶ τὰ πρακτορεῖα τῶν ἐφημερίδων πρὸς δραχμὰς τέσσαρας ἕκαστον. Ἰσχύουσι διὰ τὰς τέσσαρας κληρώσεις καὶ πρὸς δραχμὴν μίαν διὰ μίαν κλήρωσιν.

Διὰ πᾶσαν πληροφορίαν ἢ ζήτησιν γραμματίων ἀπευθυντέον εἰς τὸ Γραφεῖον τοῦ Ἐθνικοῦ Στόλου καὶ τῶν Ἀρχαιοτήτων, ὁδὸς Σταδίου 7, ἐν Ἀθήναις.

Ἀθῆναι τῇ 1 Ἰανουαρίου 1908
Ὁ διευθυντὴς τῶν λαχείων
Γ. Ν. ΚΟΦΙΝΑΣ
